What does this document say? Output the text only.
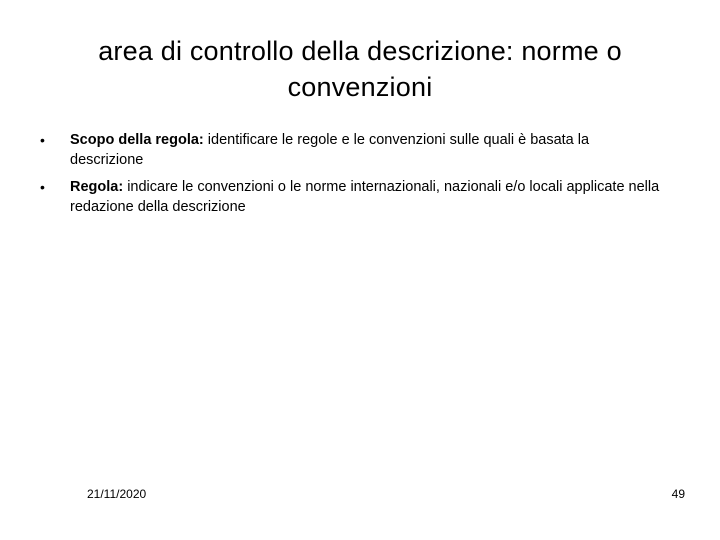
area di controllo della descrizione: norme o convenzioni
•	Scopo della regola: identificare le regole e le convenzioni sulle quali è basata la descrizione
•	Regola: indicare le convenzioni o le norme internazionali, nazionali e/o locali applicate nella redazione della descrizione
21/11/2020	49
